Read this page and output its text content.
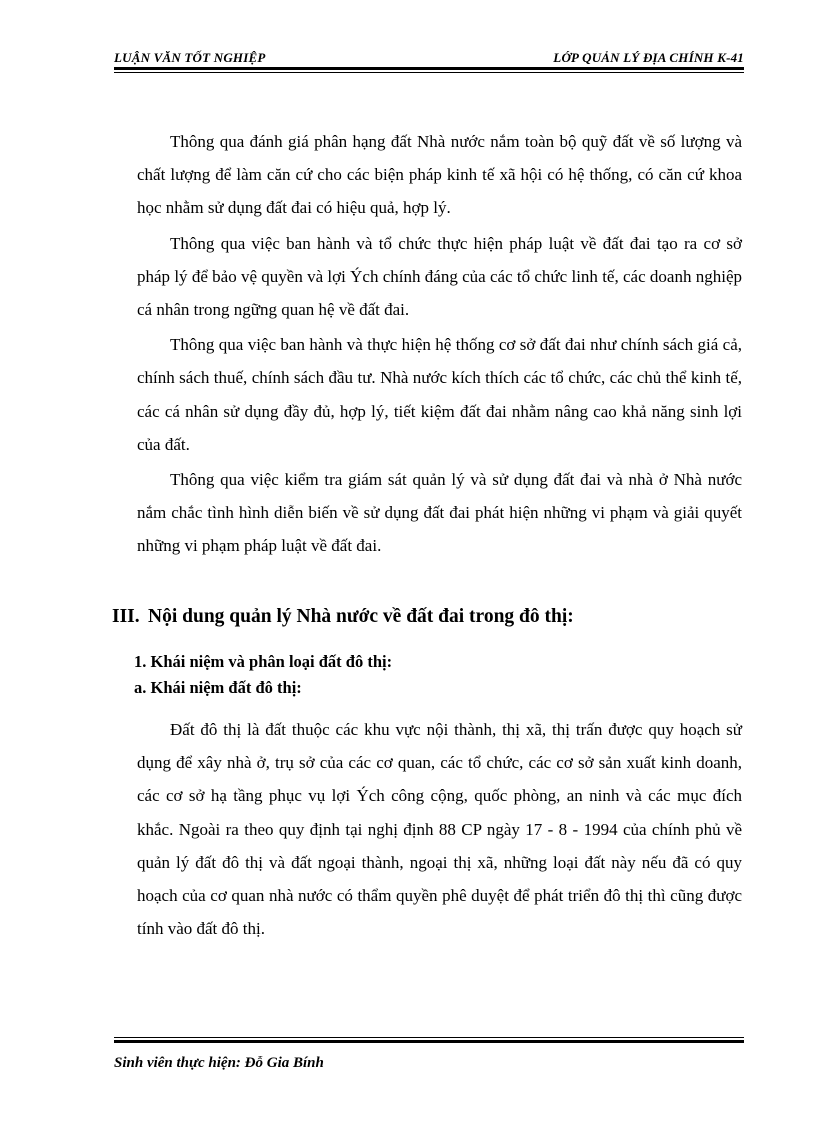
LUẬN VĂN TỐT NGHIỆP	LỚP QUẢN LÝ ĐỊA CHÍNH K-41

Thông qua đánh giá phân hạng đất Nhà nước nắm toàn bộ quỹ đất về số lượng và chất lượng để làm căn cứ cho các biện pháp kinh tế xã hội có hệ thống, có căn cứ khoa học nhằm sử dụng đất đai có hiệu quả, hợp lý.

Thông qua việc ban hành và tổ chức thực hiện pháp luật về đất đai tạo ra cơ sở pháp lý để bảo vệ quyền và lợi Ých chính đáng của các tổ chức linh tế, các doanh nghiệp cá nhân trong ngững quan hệ về đất đai.

Thông qua việc ban hành và thực hiện hệ thống cơ sở đất đai như chính sách giá cả, chính sách thuế, chính sách đầu tư. Nhà nước kích thích các tổ chức, các chủ thể kinh tế, các cá nhân sử dụng đầy đủ, hợp lý, tiết kiệm đất đai nhằm nâng cao khả năng sinh lợi của đất.

Thông qua việc kiểm tra giám sát quản lý và sử dụng đất đai và nhà ở Nhà nước nắm chắc tình hình diễn biến về sử dụng đất đai phát hiện những vi phạm và giải quyết những vi phạm pháp luật về đất đai.

III. Nội dung quản lý Nhà nước về đất đai trong đô thị:
1. Khái niệm và phân loại đất đô thị:
a. Khái niệm đất đô thị:

Đất đô thị là đất thuộc các khu vực nội thành, thị xã, thị trấn được quy hoạch sử dụng để xây nhà ở, trụ sở của các cơ quan, các tổ chức, các cơ sở sản xuất kinh doanh, các cơ sở hạ tầng phục vụ lợi Ých công cộng, quốc phòng, an ninh và các mục đích khắc. Ngoài ra theo quy định tại nghị định 88 CP ngày 17 - 8 - 1994 của chính phủ về quản lý đất đô thị và đất ngoại thành, ngoại thị xã, những loại đất này nếu đã có quy hoạch của cơ quan nhà nước có thẩm quyền phê duyệt để phát triển đô thị thì cũng được tính vào đất đô thị.

Sinh viên thực hiện: Đỗ Gia Bính
